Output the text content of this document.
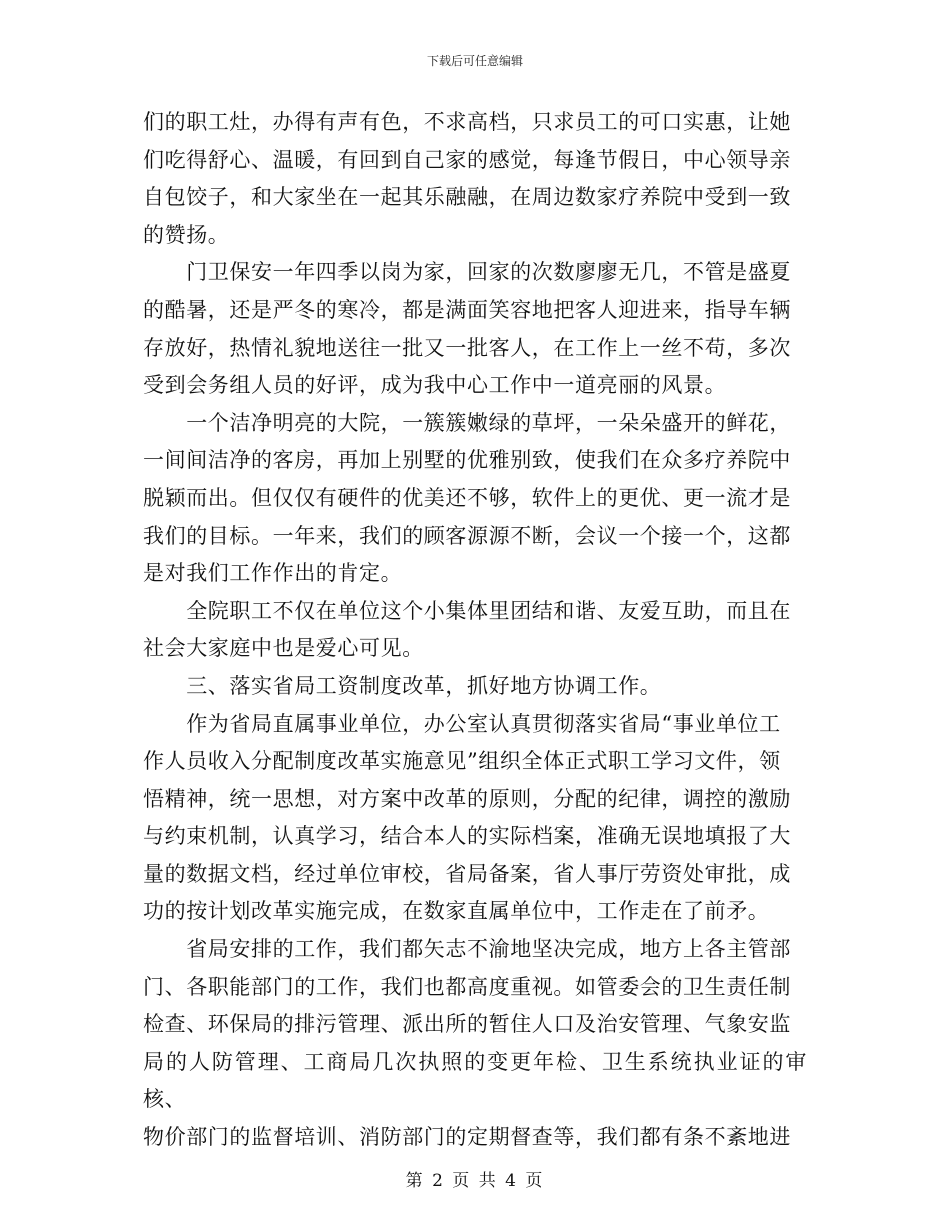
下载后可任意编辑

们的职工灶，办得有声有色，不求高档，只求员工的可口实惠，让她
们吃得舒心、温暖，有回到自己家的感觉，每逢节假日，中心领导亲
自包饺子，和大家坐在一起其乐融融，在周边数家疗养院中受到一致
的赞扬。

　　门卫保安一年四季以岗为家，回家的次数廖廖无几，不管是盛夏
的酷暑，还是严冬的寒冷，都是满面笑容地把客人迎进来，指导车辆
存放好，热情礼貌地送往一批又一批客人，在工作上一丝不苟，多次
受到会务组人员的好评，成为我中心工作中一道亮丽的风景。

　　一个洁净明亮的大院，一簇簇嫩绿的草坪，一朵朵盛开的鲜花，
一间间洁净的客房，再加上别墅的优雅别致，使我们在众多疗养院中
脱颖而出。但仅仅有硬件的优美还不够，软件上的更优、更一流才是
我们的目标。一年来，我们的顾客源源不断，会议一个接一个，这都
是对我们工作作出的肯定。

　　全院职工不仅在单位这个小集体里团结和谐、友爱互助，而且在
社会大家庭中也是爱心可见。

　　三、落实省局工资制度改革，抓好地方协调工作。

　　作为省局直属事业单位，办公室认真贯彻落实省局“事业单位工
作人员收入分配制度改革实施意见”组织全体正式职工学习文件，领
悟精神，统一思想，对方案中改革的原则，分配的纪律，调控的激励
与约束机制，认真学习，结合本人的实际档案，准确无误地填报了大
量的数据文档，经过单位审校，省局备案，省人事厅劳资处审批，成
功的按计划改革实施完成，在数家直属单位中，工作走在了前矛。

　　省局安排的工作，我们都矢志不渝地坚决完成，地方上各主管部
门、各职能部门的工作，我们也都高度重视。如管委会的卫生责任制
检查、环保局的排污管理、派出所的暂住人口及治安管理、气象安监
局的人防管理、工商局几次执照的变更年检、卫生系统执业证的审核、
物价部门的监督培训、消防部门的定期督查等，我们都有条不紊地进

第 2 页 共 4 页
